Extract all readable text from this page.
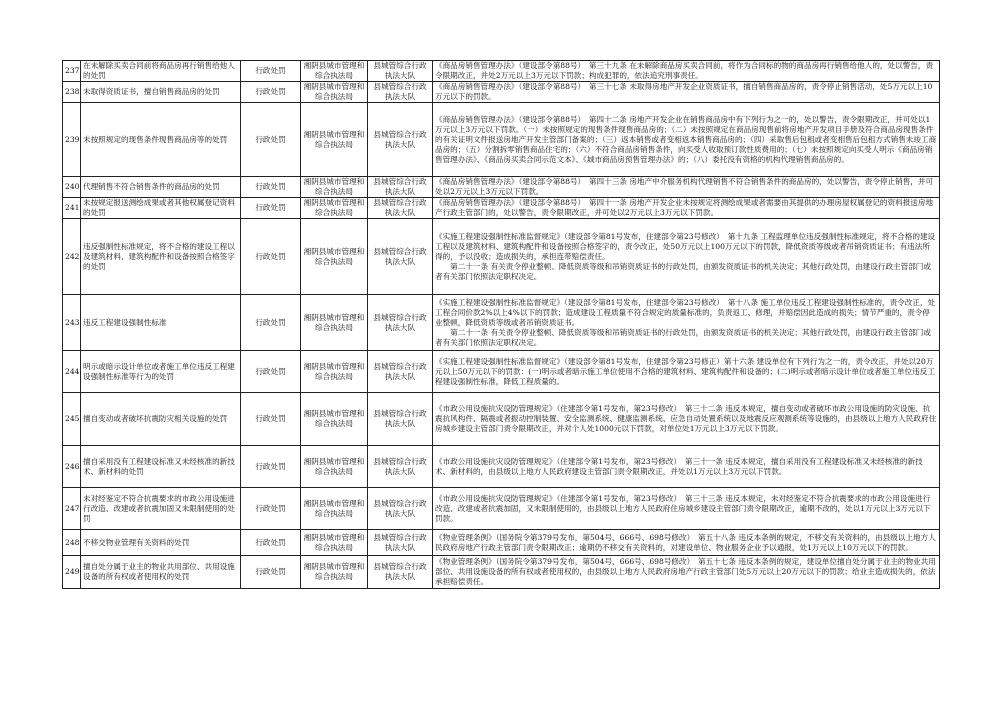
237	在未解除买卖合同前将商品房再行销售给他人的处罚	行政处罚	湘阴县城市管理和综合执法局	县城管综合行政执法大队	《商品房销售管理办法》（建设部令第88号）　第三十九条 在未解除商品房买卖合同前，将作为合同标的物的商品房再行销售给他人的，处以警告，责令限期改正，并处2万元以上3万元以下罚款；构成犯罪的，依法追究刑事责任。

238	未取得资质证书，擅自销售商品房的处罚	行政处罚	湘阴县城市管理和综合执法局	县城管综合行政执法大队	《商品房销售管理办法》（建设部令第88号）　第三十七条 未取得房地产开发企业资质证书，擅自销售商品房的，责令停止销售活动，处5万元以上10万元以下的罚款。

239	未按照规定的现售条件现售商品房等的处罚	行政处罚	湘阴县城市管理和综合执法局	县城管综合行政执法大队	《商品房销售管理办法》（建设部令第88号）　第四十二条 房地产开发企业在销售商品房中有下列行为之一的，处以警告，责令限期改正，并可处以1万元以上3万元以下罚款。（一）未按照规定的现售条件现售商品房的；（二）未按照规定在商品房现售前将房地产开发项目手册及符合商品房现售条件的有关证明文件报送房地产开发主管部门备案的；（三）返本销售或者变相返本销售商品房的；（四）采取售后包租或者变相售后包租方式销售未竣工商品房的；（五）分割拆零销售商品住宅的；（六）不符合商品房销售条件，向买受人收取预订款性质费用的；（七）未按照规定向买受人明示《商品房销售管理办法》、《商品房买卖合同示范文本》、《城市商品房预售管理办法》的；（八）委托没有资格的机构代理销售商品房的。

240	代理销售不符合销售条件的商品房的处罚	行政处罚	湘阴县城市管理和综合执法局	县城管综合行政执法大队	《商品房销售管理办法》（建设部令第88号）　第四十三条 房地产中介服务机构代理销售不符合销售条件的商品房的，处以警告，责令停止销售，并可处以2万元以上3万元以下罚款。

241	未按规定报送测绘成果或者其他权属登记资料的处罚	行政处罚	湘阴县城市管理和综合执法局	县城管综合行政执法大队	《商品房销售管理办法》（建设部令第88号）　第四十一条 房地产开发企业未按规定将测绘成果或者需要由其提供的办理房屋权属登记的资料报送房地产行政主管部门的，处以警告，责令限期改正，并可处以2万元以上3万元以下罚款。

242	违反强制性标准规定，将不合格的建设工程以及建筑材料、建筑构配件和设备按照合格签字的处罚	行政处罚	湘阴县城市管理和综合执法局	县城管综合行政执法大队	《实施工程建设强制性标准监督规定》（建设部令第81号发布，住建部令第23号修改）　第十九条 工程监理单位违反强制性标准规定，将不合格的建设工程以及建筑材料、建筑构配件和设备按照合格签字的，责令改正，处50万元以上100万元以下的罚款，降低资质等级或者吊销资质证书；有违法所得的，予以没收；造成损失的，承担连带赔偿责任。

　　第二十一条 有关责令停业整顿、降低资质等级和吊销资质证书的行政处罚，由颁发资质证书的机关决定；其他行政处罚，由建设行政主管部门或者有关部门依照法定职权决定。

243	违反工程建设强制性标准	行政处罚	湘阴县城市管理和综合执法局	县城管综合行政执法大队	《实施工程建设强制性标准监督规定》（建设部令第81号发布，住建部令第23号修改）　第十八条 施工单位违反工程建设强制性标准的，责令改正，处工程合同价款2%以上4%以下的罚款；造成建设工程质量不符合规定的质量标准的，负责返工、修理，并赔偿因此造成的损失；情节严重的，责令停业整顿，降低资质等级或者吊销资质证书。

　　第二十一条 有关责令停业整顿、降低资质等级和吊销资质证书的行政处罚，由颁发资质证书的机关决定；其他行政处罚，由建设行政主管部门或者有关部门依照法定职权决定。

244	明示或暗示设计单位或者施工单位违反工程建设强制性标准等行为的处罚	行政处罚	湘阴县城市管理和综合执法局	县城管综合行政执法大队	《实施工程建设强制性标准监督规定》（建设部令第81号发布，住建部令第23号修正）第十六条 建设单位有下列行为之一的，责令改正，并处以20万元以上50万元以下的罚款：(一)明示或者暗示施工单位使用不合格的建筑材料、建筑构配件和设备的；(二)明示或者暗示设计单位或者施工单位违反工程建设强制性标准，降低工程质量的。

245	擅自变动或者破坏抗震防灾相关设施的处罚	行政处罚	湘阴县城市管理和综合执法局	县城管综合行政执法大队	《市政公用设施抗灾设防管理规定》（住建部令第1号发布，第23号修改）　第三十二条 违反本规定，擅自变动或者破坏市政公用设施的防灾设施、抗震抗风构件、隔震或者振动控制装置、安全监测系统、健康监测系统、应急自动处置系统以及地震反应观测系统等设施的，由县级以上地方人民政府住房城乡建设主管部门责令限期改正，并对个人处1000元以下罚款，对单位处1万元以上3万元以下罚款。

246	擅自采用没有工程建设标准又未经核准的新技术、新材料的处罚	行政处罚	湘阴县城市管理和综合执法局	县城管综合行政执法大队	《市政公用设施抗灾设防管理规定》（住建部令第1号发布，第23号修改）　第三十一条 违反本规定，擅自采用没有工程建设标准又未经核准的新技术、新材料的，由县级以上地方人民政府建设主管部门责令限期改正，并处以1万元以上3万元以下罚款。

247	未对经鉴定不符合抗震要求的市政公用设施进行改造、改建或者抗震加固又未限制使用的处罚	行政处罚	湘阴县城市管理和综合执法局	县城管综合行政执法大队	《市政公用设施抗灾设防管理规定》（住建部令第1号发布，第23号修改）　第三十三条 违反本规定，未对经鉴定不符合抗震要求的市政公用设施进行改造、改建或者抗震加固，又未限制使用的，由县级以上地方人民政府住房城乡建设主管部门责令限期改正，逾期不改的，处以1万元以上3万元以下罚款。

248	不移交物业管理有关资料的处罚	行政处罚	湘阴县城市管理和综合执法局	县城管综合行政执法大队	《物业管理条例》（国务院令第379号发布，第504号、666号、698号修改）　第五十八条 违反本条例的规定，不移交有关资料的，由县级以上地方人民政府房地产行政主管部门责令限期改正；逾期仍不移交有关资料的，对建设单位、物业服务企业予以通报，处1万元以上10万元以下的罚款。

249	擅自处分属于业主的物业共用部位、共用设施设备的所有权或者使用权的处罚	行政处罚	湘阴县城市管理和综合执法局	县城管综合行政执法大队	《物业管理条例》（国务院令第379号发布，第504号、666号、698号修改）　第五十七条 违反本条例的规定，建设单位擅自处分属于业主的物业共用部位、共用设施设备的所有权或者使用权的，由县级以上地方人民政府房地产行政主管部门处5万元以上20万元以下的罚款；给业主造成损失的，依法承担赔偿责任。
